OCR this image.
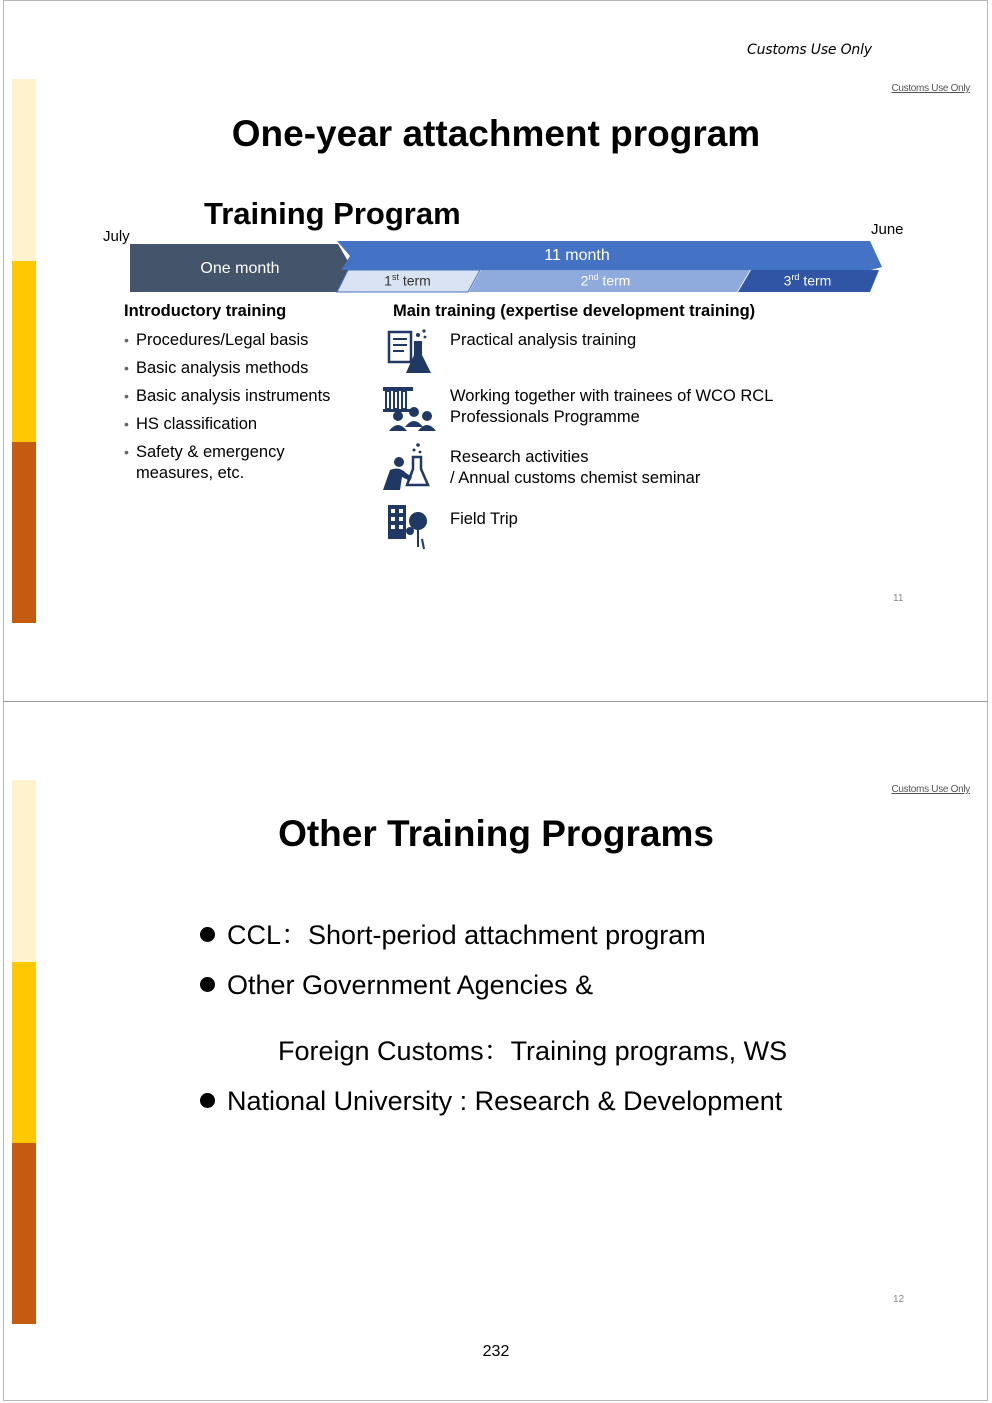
Customs Use Only
Customs Use Only
One-year attachment program
Training Program
July	June
One month
11 month
1st term	2nd term	3rd term
Introductory training
• Procedures/Legal basis
• Basic analysis methods
• Basic analysis instruments
• HS classification
• Safety & emergency measures, etc.
Main training (expertise development training)
Practical analysis training
Working together with trainees of WCO RCL
Professionals Programme
Research activities
/ Annual customs chemist seminar
Field Trip
11
Customs Use Only
Other Training Programs
CCL：Short-period attachment program
Other Government Agencies &
Foreign Customs：Training programs, WS
National University : Research & Development
12
232
